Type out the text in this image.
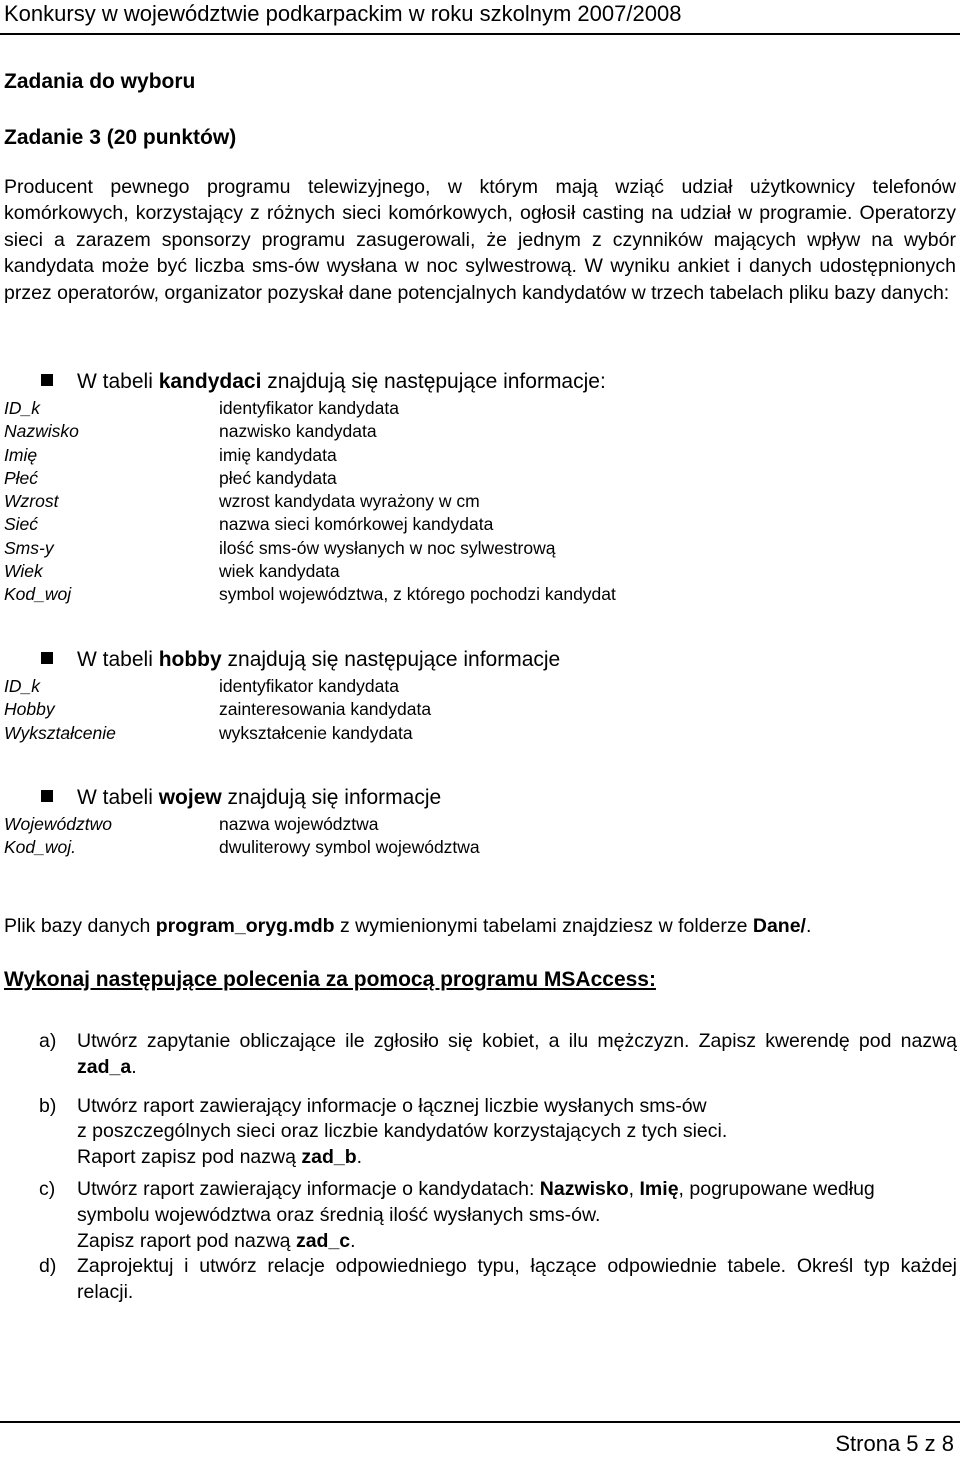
Konkursy w województwie podkarpackim w roku szkolnym 2007/2008
Zadania do wyboru
Zadanie 3 (20 punktów)
Producent pewnego programu telewizyjnego, w którym mają wziąć udział użytkownicy telefonów komórkowych, korzystający z różnych sieci komórkowych, ogłosił casting na udział w programie. Operatorzy sieci a zarazem sponsorzy programu zasugerowali, że jednym z czynników mających wpływ na wybór kandydata może być liczba sms-ów wysłana w noc sylwestrową. W wyniku ankiet i danych udostępnionych przez operatorów, organizator pozyskał dane potencjalnych kandydatów w trzech tabelach pliku bazy danych:
W tabeli kandydaci znajdują się następujące informacje:
ID_k	identyfikator kandydata
Nazwisko	nazwisko kandydata
Imię	imię kandydata
Płeć	płeć kandydata
Wzrost	wzrost kandydata wyrażony w cm
Sieć	nazwa sieci komórkowej kandydata
Sms-y	ilość sms-ów wysłanych w noc sylwestrową
Wiek	wiek kandydata
Kod_woj	symbol województwa, z którego pochodzi kandydat
W tabeli hobby znajdują się następujące informacje
ID_k	identyfikator kandydata
Hobby	zainteresowania kandydata
Wykształcenie	wykształcenie kandydata
W tabeli wojew znajdują się informacje
Województwo	nazwa województwa
Kod_woj.	dwuliterowy symbol województwa
Plik bazy danych program_oryg.mdb z wymienionymi tabelami znajdziesz w folderze Dane/.
Wykonaj następujące polecenia za pomocą programu MSAccess:
a) Utwórz zapytanie obliczające ile zgłosiło się kobiet, a ilu mężczyzn. Zapisz kwerendę pod nazwą zad_a.
b) Utwórz raport zawierający informacje o łącznej liczbie wysłanych sms-ów
z poszczególnych sieci oraz liczbie kandydatów korzystających z tych sieci.
Raport zapisz pod nazwą zad_b.
c) Utwórz raport zawierający informacje o kandydatach: Nazwisko, Imię, pogrupowane według symbolu województwa oraz średnią ilość wysłanych sms-ów.
Zapisz raport pod nazwą zad_c.
d) Zaprojektuj i utwórz relacje odpowiedniego typu, łączące odpowiednie tabele. Określ typ każdej relacji.
Strona 5 z 8
